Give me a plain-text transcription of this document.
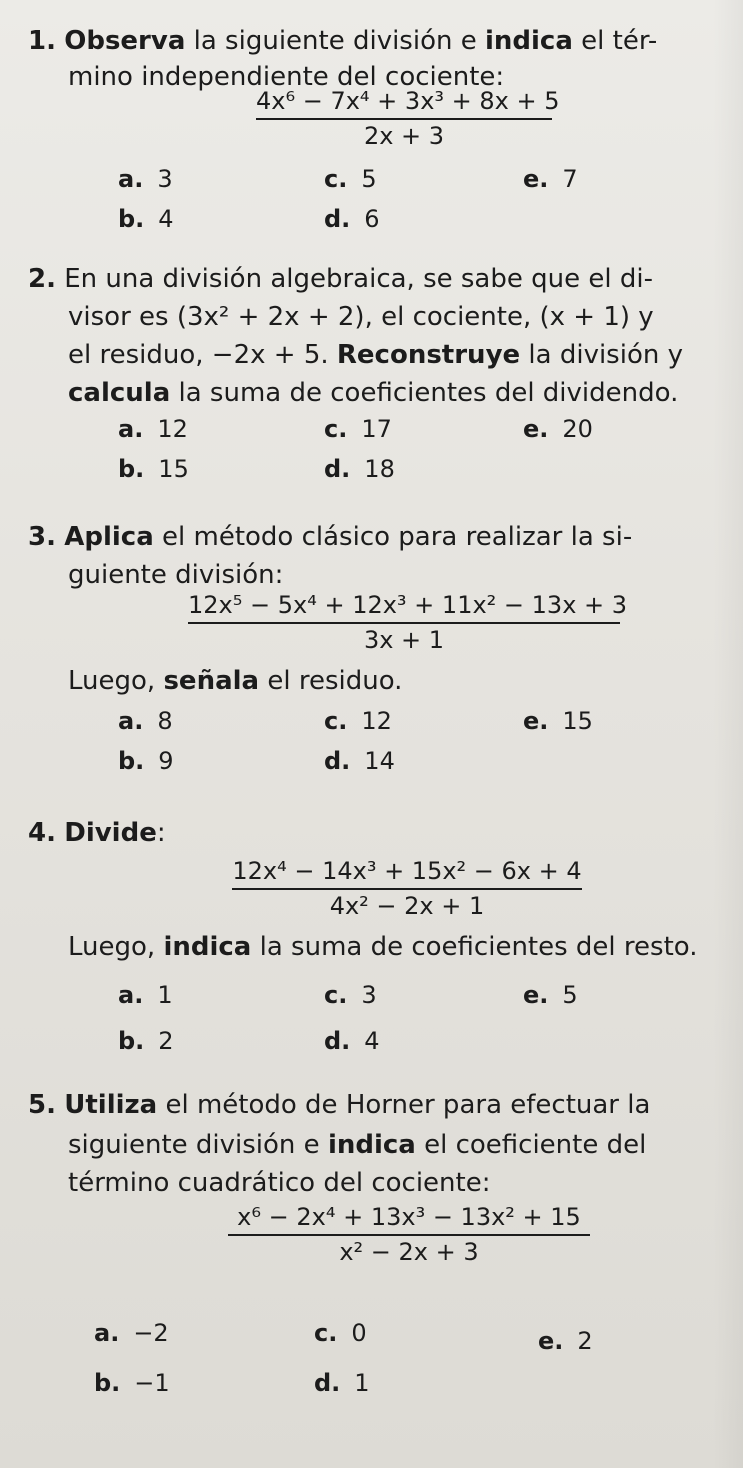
1. Observa la siguiente división e indica el tér-
mino independiente del cociente:
4x⁶ − 7x⁴ + 3x³ + 8x + 5
2x + 3
a. 3	c. 5	e. 7
b. 4	d. 6
2. En una división algebraica, se sabe que el di-
visor es (3x² + 2x + 2), el cociente, (x + 1) y
el residuo, −2x + 5. Reconstruye la división y
calcula la suma de coeficientes del dividendo.
a. 12	c. 17	e. 20
b. 15	d. 18
3. Aplica el método clásico para realizar la si-
guiente división:
12x⁵ − 5x⁴ + 12x³ + 11x² − 13x + 3
3x + 1
Luego, señala el residuo.
a. 8	c. 12	e. 15
b. 9	d. 14
4. Divide:
12x⁴ − 14x³ + 15x² − 6x + 4
4x² − 2x + 1
Luego, indica la suma de coeficientes del resto.
a. 1	c. 3	e. 5
b. 2	d. 4
5. Utiliza el método de Horner para efectuar la
siguiente división e indica el coeficiente del
término cuadrático del cociente:
x⁶ − 2x⁴ + 13x³ − 13x² + 15
x² − 2x + 3
a. −2	c. 0	e. 2
b. −1	d. 1
